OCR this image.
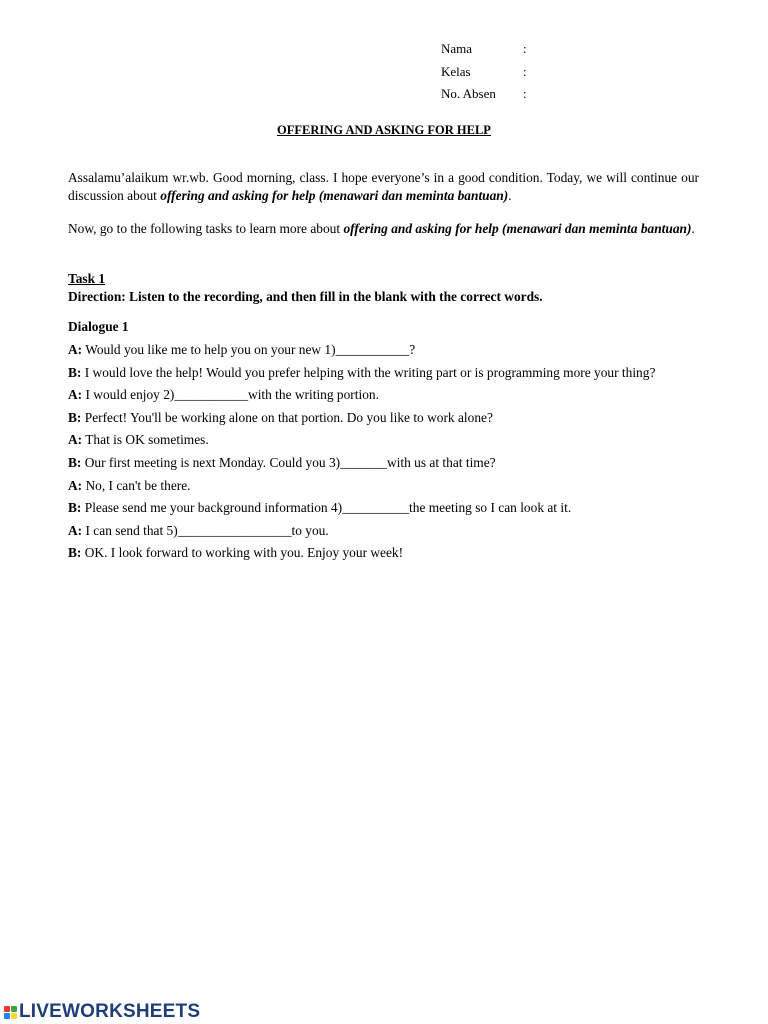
Nama	:
Kelas	:
No. Absen	:
OFFERING AND ASKING FOR HELP

Assalamu’alaikum wr.wb. Good morning, class. I hope everyone’s in a good condition. Today, we will continue our discussion about offering and asking for help (menawari dan meminta bantuan).

Now, go to the following tasks to learn more about offering and asking for help (menawari dan meminta bantuan).

Task 1
Direction: Listen to the recording, and then fill in the blank with the correct words.
Dialogue 1
A: Would you like me to help you on your new 1)___________?
B: I would love the help! Would you prefer helping with the writing part or is programming more your thing?
A: I would enjoy 2)___________with the writing portion.
B: Perfect! You'll be working alone on that portion. Do you like to work alone?
A: That is OK sometimes.
B: Our first meeting is next Monday. Could you 3)_______with us at that time?
A: No, I can't be there.
B: Please send me your background information 4)__________the meeting so I can look at it.
A: I can send that 5)_________________to you.
B: OK. I look forward to working with you. Enjoy your week!
LIVEWORKSHEETS
